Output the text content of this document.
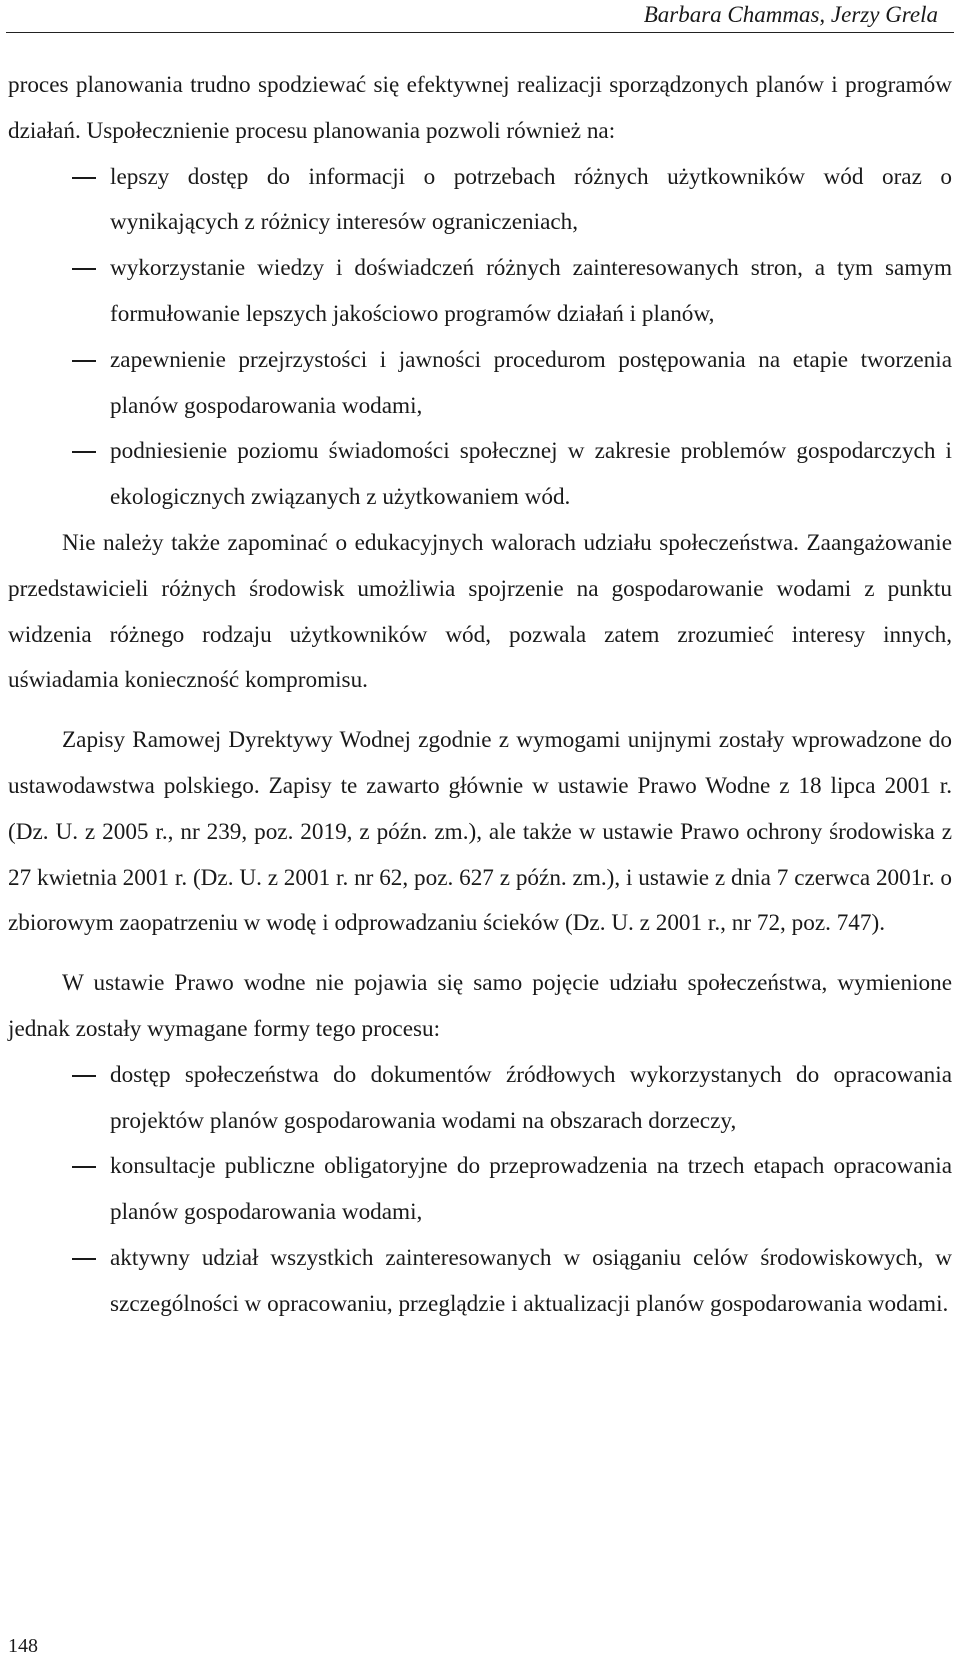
Barbara Chammas, Jerzy Grela

proces planowania trudno spodziewać się efektywnej realizacji sporządzonych planów i programów działań. Uspołecznienie procesu planowania pozwoli również na:

lepszy dostęp do informacji o potrzebach różnych użytkowników wód oraz o wynikających z różnicy interesów ograniczeniach,
wykorzystanie wiedzy i doświadczeń różnych zainteresowanych stron, a tym samym formułowanie lepszych jakościowo programów działań i planów,
zapewnienie przejrzystości i jawności procedurom postępowania na etapie tworzenia planów gospodarowania wodami,
podniesienie poziomu świadomości społecznej w zakresie problemów gospodarczych i ekologicznych związanych z użytkowaniem wód.

Nie należy także zapominać o edukacyjnych walorach udziału społeczeństwa. Zaangażowanie przedstawicieli różnych środowisk umożliwia spojrzenie na gospodarowanie wodami z punktu widzenia różnego rodzaju użytkowników wód, pozwala zatem zrozumieć interesy innych, uświadamia konieczność kompromisu.

Zapisy Ramowej Dyrektywy Wodnej zgodnie z wymogami unijnymi zostały wprowadzone do ustawodawstwa polskiego. Zapisy te zawarto głównie w ustawie Prawo Wodne z 18 lipca 2001 r. (Dz. U. z 2005 r., nr 239, poz. 2019, z późn. zm.), ale także w ustawie Prawo ochrony środowiska z 27 kwietnia 2001 r. (Dz. U. z 2001 r. nr 62, poz. 627 z późn. zm.), i ustawie z dnia 7 czerwca 2001r. o zbiorowym zaopatrzeniu w wodę i odprowadzaniu ścieków (Dz. U. z 2001 r., nr 72, poz. 747).

W ustawie Prawo wodne nie pojawia się samo pojęcie udziału społeczeństwa, wymienione jednak zostały wymagane formy tego procesu:

dostęp społeczeństwa do dokumentów źródłowych wykorzystanych do opracowania projektów planów gospodarowania wodami na obszarach dorzeczy,
konsultacje publiczne obligatoryjne do przeprowadzenia na trzech etapach opracowania planów gospodarowania wodami,
aktywny udział wszystkich zainteresowanych w osiąganiu celów środowiskowych, w szczególności w opracowaniu, przeglądzie i aktualizacji planów gospodarowania wodami.
148
